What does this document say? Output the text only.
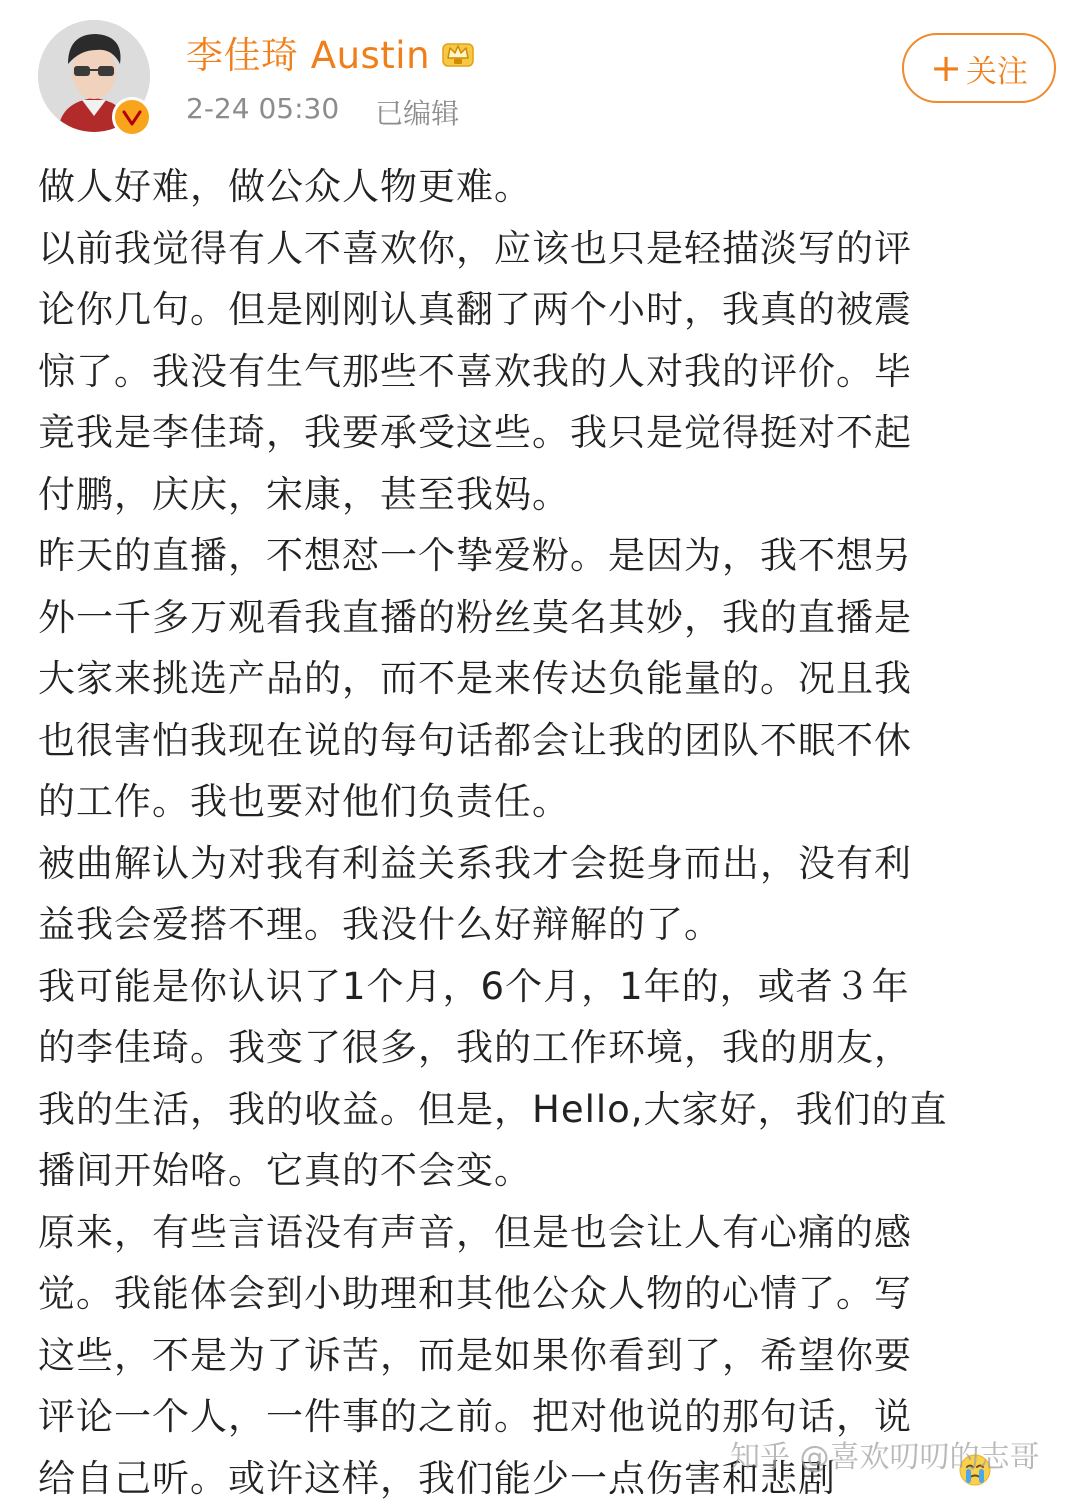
李佳琦 Austin
2-24 05:30 已编辑
+ 关注
做人好难，做公众人物更难。
以前我觉得有人不喜欢你，应该也只是轻描淡写的评
论你几句。但是刚刚认真翻了两个小时，我真的被震
惊了。我没有生气那些不喜欢我的人对我的评价。毕
竟我是李佳琦，我要承受这些。我只是觉得挺对不起
付鹏，庆庆，宋康，甚至我妈。
昨天的直播，不想怼一个挚爱粉。是因为，我不想另
外一千多万观看我直播的粉丝莫名其妙，我的直播是
大家来挑选产品的，而不是来传达负能量的。况且我
也很害怕我现在说的每句话都会让我的团队不眠不休
的工作。我也要对他们负责任。
被曲解认为对我有利益关系我才会挺身而出，没有利
益我会爱搭不理。我没什么好辩解的了。
我可能是你认识了1个月，6个月，1年的，或者３年
的李佳琦。我变了很多，我的工作环境，我的朋友，
我的生活，我的收益。但是，Hello,大家好，我们的直
播间开始咯。它真的不会变。
原来，有些言语没有声音，但是也会让人有心痛的感
觉。我能体会到小助理和其他公众人物的心情了。写
这些，不是为了诉苦，而是如果你看到了，希望你要
评论一个人，一件事的之前。把对他说的那句话，说
给自己听。或许这样，我们能少一点伤害和悲剧
知乎 @喜欢叨叨的志哥
